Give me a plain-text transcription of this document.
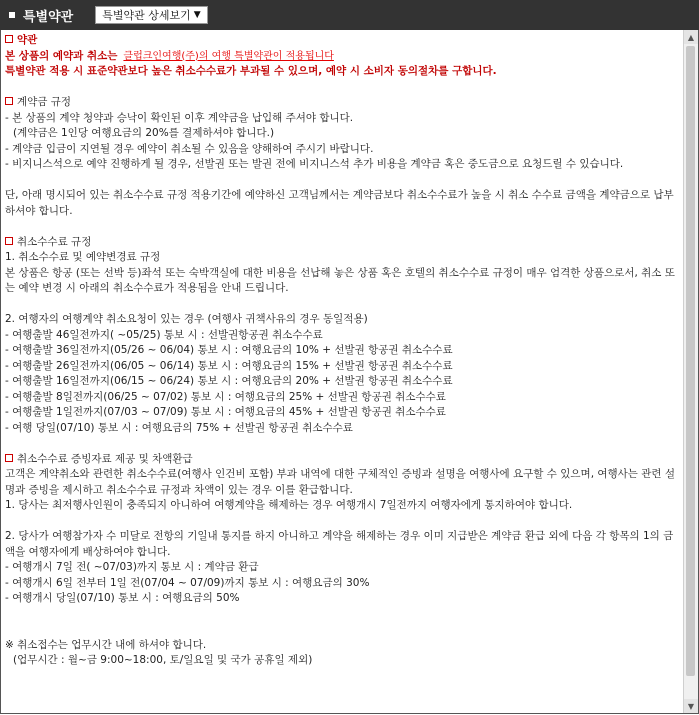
특별약관	특별약관 상세보기 ▼
약관
본 상품의 예약과 취소는 클럽크인여행(주)의 여행 특별약관이 적용됩니다
특별약관 적용 시 표준약관보다 높은 취소수수료가 부과될 수 있으며, 예약 시 소비자 동의절차를 구합니다.
계약금 규정
- 본 상품의 계약 청약과 승낙이 확인된 이후 계약금을 납입해 주셔야 합니다.
(계약금은 1인당 여행요금의 20%를 결제하셔야 합니다.)
- 계약금 입금이 지연될 경우 예약이 취소될 수 있음을 양해하여 주시기 바랍니다.
- 비지니스석으로 예약 진행하게 될 경우, 선발권 또는 발권 전에 비지니스석 추가 비용을 계약금 혹은 중도금으로 요청드릴 수 있습니다.
단, 아래 명시되어 있는 취소수수료 규정 적용기간에 예약하신 고객님께서는 계약금보다 취소수수료가 높을 시 취소 수수료 금액을 계약금으로 납부
하셔야 합니다.
취소수수료 규정
1. 취소수수료 및 예약변경료 규정
본 상품은 항공 (또는 선박 등)좌석 또는 숙박객실에 대한 비용을 선납해 놓은 상품 혹은 호텔의 취소수수료 규정이 매우 엄격한 상품으로서, 취소 또
는 예약 변경 시 아래의 취소수수료가 적용됨을 안내 드립니다.
2. 여행자의 여행계약 취소요청이 있는 경우 (여행사 귀책사유의 경우 동일적용)
- 여행출발 46일전까지( ~05/25) 통보 시 : 선발권항공권 취소수수료
- 여행출발 36일전까지(05/26 ~ 06/04) 통보 시 : 여행요금의 10% + 선발권 항공권 취소수수료
- 여행출발 26일전까지(06/05 ~ 06/14) 통보 시 : 여행요금의 15% + 선발권 항공권 취소수수료
- 여행출발 16일전까지(06/15 ~ 06/24) 통보 시 : 여행요금의 20% + 선발권 항공권 취소수수료
- 여행출발 8일전까지(06/25 ~ 07/02) 통보 시 : 여행요금의 25% + 선발권 항공권 취소수수료
- 여행출발 1일전까지(07/03 ~ 07/09) 통보 시 : 여행요금의 45% + 선발권 항공권 취소수수료
- 여행 당일(07/10) 통보 시 : 여행요금의 75% + 선발권 항공권 취소수수료
취소수수료 증빙자료 제공 및 차액환급
고객은 계약취소와 관련한 취소수수료(여행사 인건비 포함) 부과 내역에 대한 구체적인 증빙과 설명을 여행사에 요구할 수 있으며, 여행사는 관련 설
명과 증빙을 제시하고 취소수수료 규정과 차액이 있는 경우 이를 환급합니다.
1. 당사는 최저행사인원이 충족되지 아니하여 여행계약을 해제하는 경우 여행개시 7일전까지 여행자에게 통지하여야 합니다.
2. 당사가 여행참가자 수 미달로 전항의 기일내 통지를 하지 아니하고 계약을 해제하는 경우 이미 지급받은 계약금 환급 외에 다음 각 항목의 1의 금
액을 여행자에게 배상하여야 합니다.
- 여행개시 7일 전( ~07/03)까지 통보 시 : 계약금 환급
- 여행개시 6일 전부터 1일 전(07/04 ~ 07/09)까지 통보 시 : 여행요금의 30%
- 여행개시 당일(07/10) 통보 시 : 여행요금의 50%
※ 취소접수는 업무시간 내에 하셔야 합니다.
(업무시간 : 월~금 9:00~18:00, 토/일요일 및 국가 공휴일 제외)
▲
▼
